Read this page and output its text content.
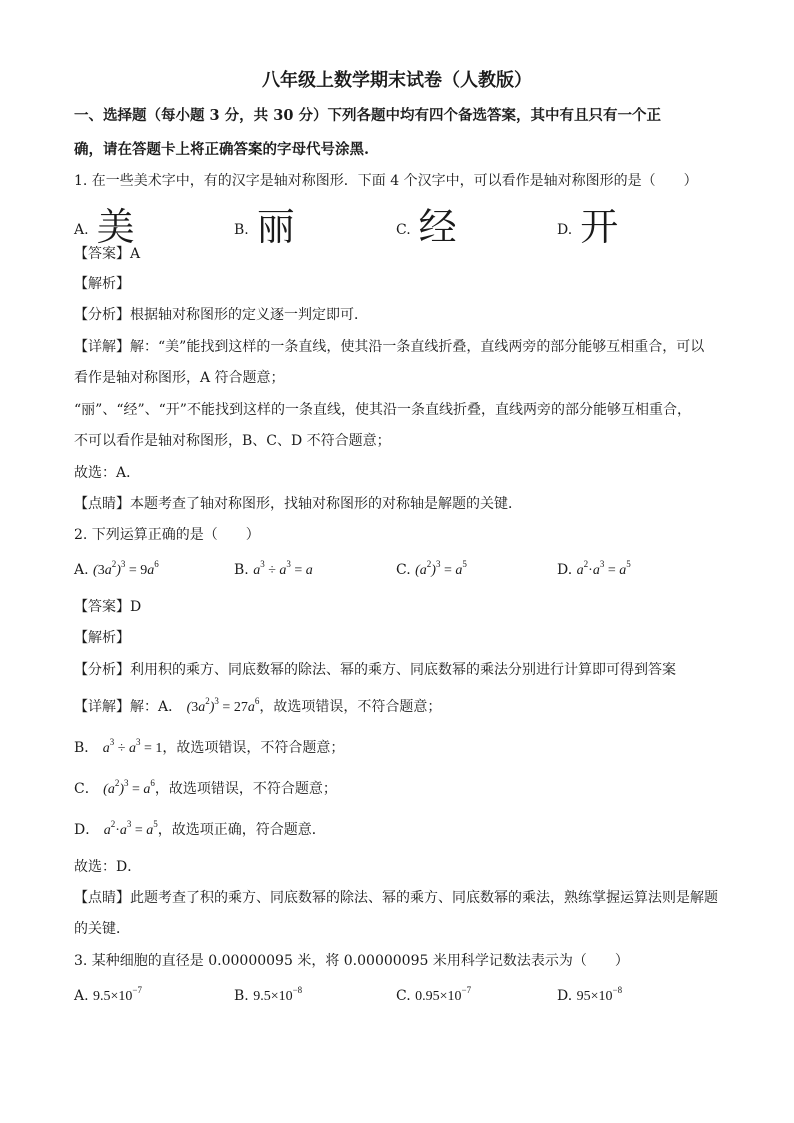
八年级上数学期末试卷（人教版）
一、选择题（每小题 3 分，共 30 分）下列各题中均有四个备选答案，其中有且只有一个正
确，请在答题卡上将正确答案的字母代号涂黑.
1. 在一些美术字中，有的汉字是轴对称图形．下面 4 个汉字中，可以看作是轴对称图形的是（　　）
A. 美	B. 丽	C. 经	D. 开
【答案】A
【解析】
【分析】根据轴对称图形的定义逐一判定即可．
【详解】解：“美”能找到这样的一条直线，使其沿一条直线折叠，直线两旁的部分能够互相重合，可以
看作是轴对称图形，A 符合题意；
“丽”、“经”、“开”不能找到这样的一条直线，使其沿一条直线折叠，直线两旁的部分能够互相重合，
不可以看作是轴对称图形，B、C、D 不符合题意；
故选：A．
【点睛】本题考查了轴对称图形，找轴对称图形的对称轴是解题的关键．
2. 下列运算正确的是（　　）
A. $(3a^2)^3 = 9a^6$	B. $a^3 \div a^3 = a$	C. $(a^2)^3 = a^5$	D. $a^2\cdot a^3 = a^5$
【答案】D
【解析】
【分析】利用积的乘方、同底数幂的除法、幂的乘方、同底数幂的乘法分别进行计算即可得到答案
【详解】解：A． $(3a^2)^3 = 27a^6$，故选项错误，不符合题意；
B． $a^3 \div a^3 = 1$，故选项错误，不符合题意；
C． $(a^2)^3 = a^6$，故选项错误，不符合题意；
D． $a^2\cdot a^3 = a^5$，故选项正确，符合题意．
故选：D．
【点睛】此题考查了积的乘方、同底数幂的除法、幂的乘方、同底数幂的乘法，熟练掌握运算法则是解题
的关键．
3. 某种细胞的直径是 0.00000095 米，将 0.00000095 米用科学记数法表示为（　　）
A. $9.5\times 10^{-7}$	B. $9.5\times 10^{-8}$	C. $0.95\times 10^{-7}$	D. $95\times 10^{-8}$
